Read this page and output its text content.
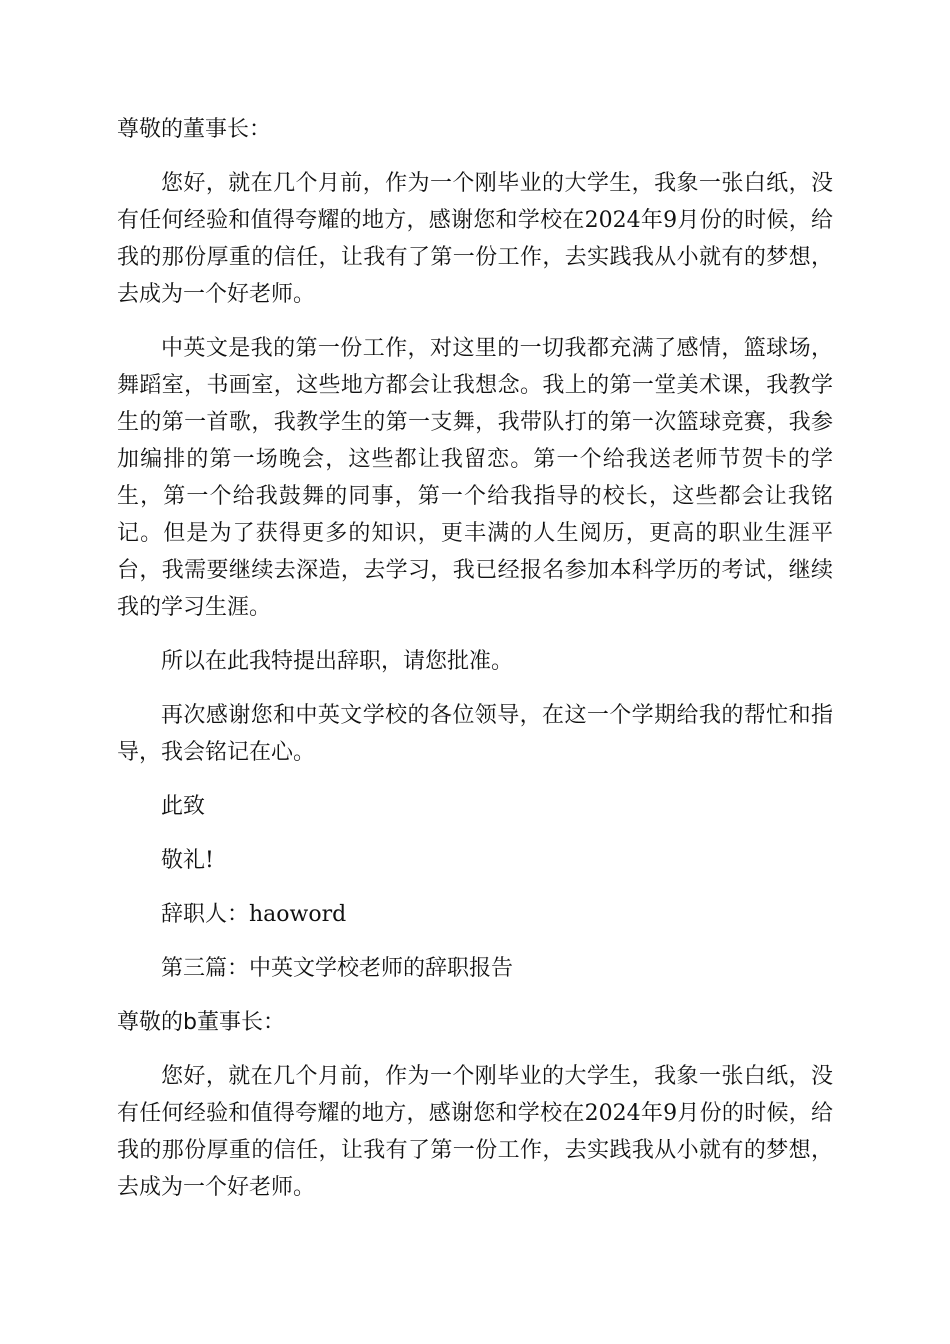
尊敬的董事长：

您好，就在几个月前，作为一个刚毕业的大学生，我象一张白纸，没有任何经验和值得夸耀的地方，感谢您和学校在2024年9月份的时候，给我的那份厚重的信任，让我有了第一份工作，去实践我从小就有的梦想，去成为一个好老师。

中英文是我的第一份工作，对这里的一切我都充满了感情，篮球场，舞蹈室，书画室，这些地方都会让我想念。我上的第一堂美术课，我教学生的第一首歌，我教学生的第一支舞，我带队打的第一次篮球竞赛，我参加编排的第一场晚会，这些都让我留恋。第一个给我送老师节贺卡的学生，第一个给我鼓舞的同事，第一个给我指导的校长，这些都会让我铭记。但是为了获得更多的知识，更丰满的人生阅历，更高的职业生涯平台，我需要继续去深造，去学习，我已经报名参加本科学历的考试，继续我的学习生涯。

所以在此我特提出辞职，请您批准。

再次感谢您和中英文学校的各位领导，在这一个学期给我的帮忙和指导，我会铭记在心。

此致

敬礼!

辞职人：haoword

第三篇：中英文学校老师的辞职报告

尊敬的b董事长：

您好，就在几个月前，作为一个刚毕业的大学生，我象一张白纸，没有任何经验和值得夸耀的地方，感谢您和学校在2024年9月份的时候，给我的那份厚重的信任，让我有了第一份工作，去实践我从小就有的梦想，去成为一个好老师。
